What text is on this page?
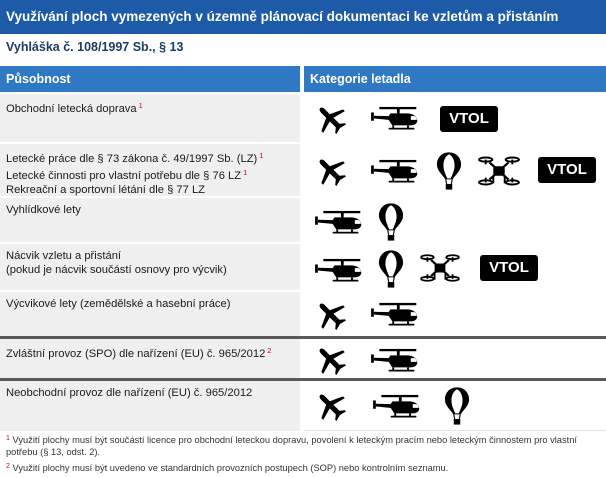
Využívání ploch vymezených v územně plánovací dokumentaci ke vzletům a přistáním
Vyhláška č. 108/1997 Sb., § 13
Působnost	Kategorie letadla
Obchodní letecká doprava $^1$
VTOL
Letecké práce dle § 73 zákona č. 49/1997 Sb. (LZ) $^1$
Letecké činnosti pro vlastní potřebu dle § 76 LZ $^1$
Rekreační a sportovní létání dle § 77 LZ
VTOL
Vyhlídkové lety
Nácvik vzletu a přistání
(pokud je nácvik součástí osnovy pro výcvik)	VTOL
Výcvikové lety (zemědělské a hasební práce)
Zvláštní provoz (SPO) dle nařízení (EU) č. 965/2012 $^2$
Neobchodní provoz dle nařízení (EU) č. 965/2012
$^1$ Využití plochy musí být součástí licence pro obchodní leteckou dopravu, povolení k leteckým pracím nebo leteckým činnostem pro vlastní potřebu (§ 13, odst. 2).
$^2$ Využití plochy musí být uvedeno ve standardních provozních postupech (SOP) nebo kontrolním seznamu.
